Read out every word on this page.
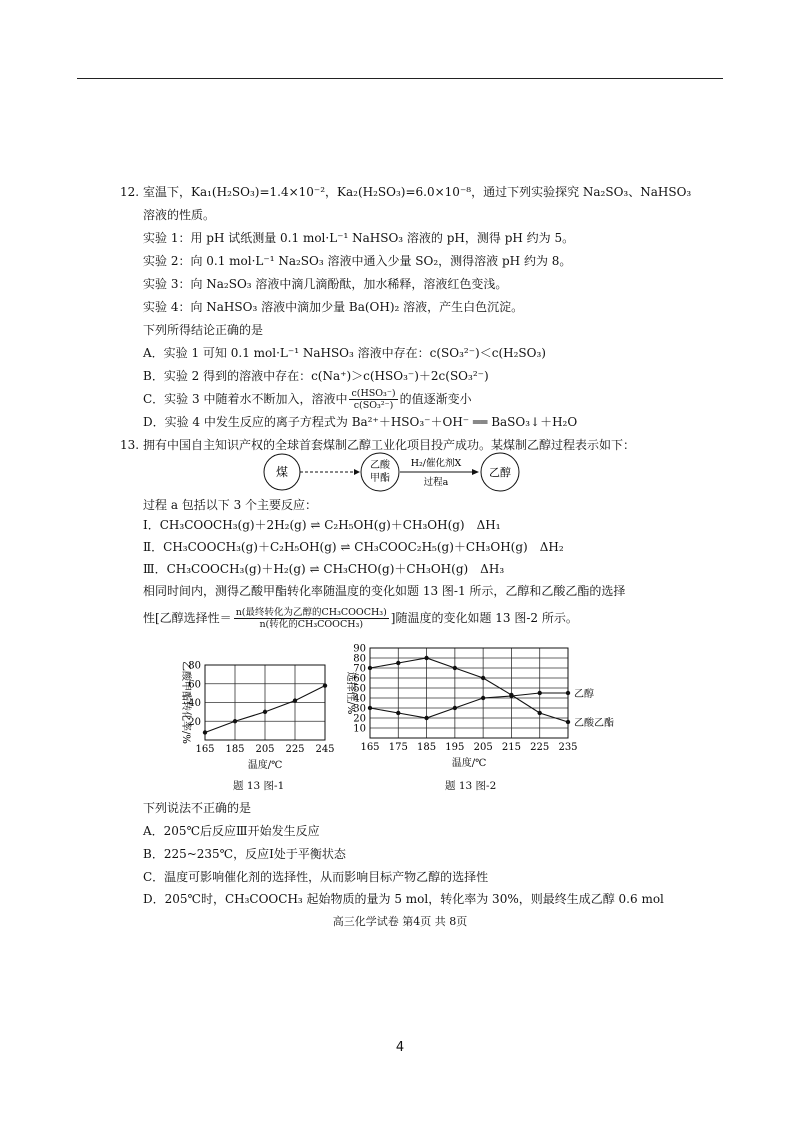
12. 室温下，Ka₁(H₂SO₃)=1.4×10⁻²，Ka₂(H₂SO₃)=6.0×10⁻⁸，通过下列实验探究 Na₂SO₃、NaHSO₃
溶液的性质。
实验 1：用 pH 试纸测量 0.1 mol·L⁻¹ NaHSO₃ 溶液的 pH，测得 pH 约为 5。
实验 2：向 0.1 mol·L⁻¹ Na₂SO₃ 溶液中通入少量 SO₂，测得溶液 pH 约为 8。
实验 3：向 Na₂SO₃ 溶液中滴几滴酚酞，加水稀释，溶液红色变浅。
实验 4：向 NaHSO₃ 溶液中滴加少量 Ba(OH)₂ 溶液，产生白色沉淀。
下列所得结论正确的是
A．实验 1 可知 0.1 mol·L⁻¹ NaHSO₃ 溶液中存在：c(SO₃²⁻)＜c(H₂SO₃)
B．实验 2 得到的溶液中存在：c(Na⁺)＞c(HSO₃⁻)＋2c(SO₃²⁻)
C．实验 3 中随着水不断加入，溶液中 $\frac{\text{c(HSO₃⁻)}}{\text{c(SO₃²⁻)}}$ 的值逐渐变小
D．实验 4 中发生反应的离子方程式为 Ba²⁺＋HSO₃⁻＋OH⁻ ══ BaSO₃↓＋H₂O
13. 拥有中国自主知识产权的全球首套煤制乙醇工业化项目投产成功。某煤制乙醇过程表示如下：
煤	乙酸
甲酯
H₂/催化剂X
过程a
乙醇
过程 a 包括以下 3 个主要反应：
Ⅰ．CH₃COOCH₃(g)＋2H₂(g) ⇌ C₂H₅OH(g)＋CH₃OH(g)　ΔH₁
Ⅱ．CH₃COOCH₃(g)＋C₂H₅OH(g) ⇌ CH₃COOC₂H₅(g)＋CH₃OH(g)　ΔH₂
Ⅲ．CH₃COOCH₃(g)＋H₂(g) ⇌ CH₃CHO(g)＋CH₃OH(g)　ΔH₃
相同时间内，测得乙酸甲酯转化率随温度的变化如题 13 图-1 所示，乙醇和乙酸乙酯的选择
性[乙醇选择性＝ $\frac{\text{n(最终转化为乙醇的CH₃COOCH₃)}}{\text{n(转化的CH₃COOCH₃)}}$ ]随温度的变化如题 13 图-2 所示。
165 185 205 225 245
20
40
60
80
温度/℃
乙酸甲酯转化率/%
题 13 图-1
165 175 185 195 205 215 225 235
10
20
30
40
50
60
70
80
90
温度/℃
选择性/%	乙醇
乙酸乙酯
题 13 图-2
下列说法不正确的是
A．205℃后反应Ⅲ开始发生反应
B．225~235℃，反应Ⅰ处于平衡状态
C．温度可影响催化剂的选择性，从而影响目标产物乙醇的选择性
D．205℃时，CH₃COOCH₃ 起始物质的量为 5 mol，转化率为 30%，则最终生成乙醇 0.6 mol
高三化学试卷 第4页 共 8页
4
